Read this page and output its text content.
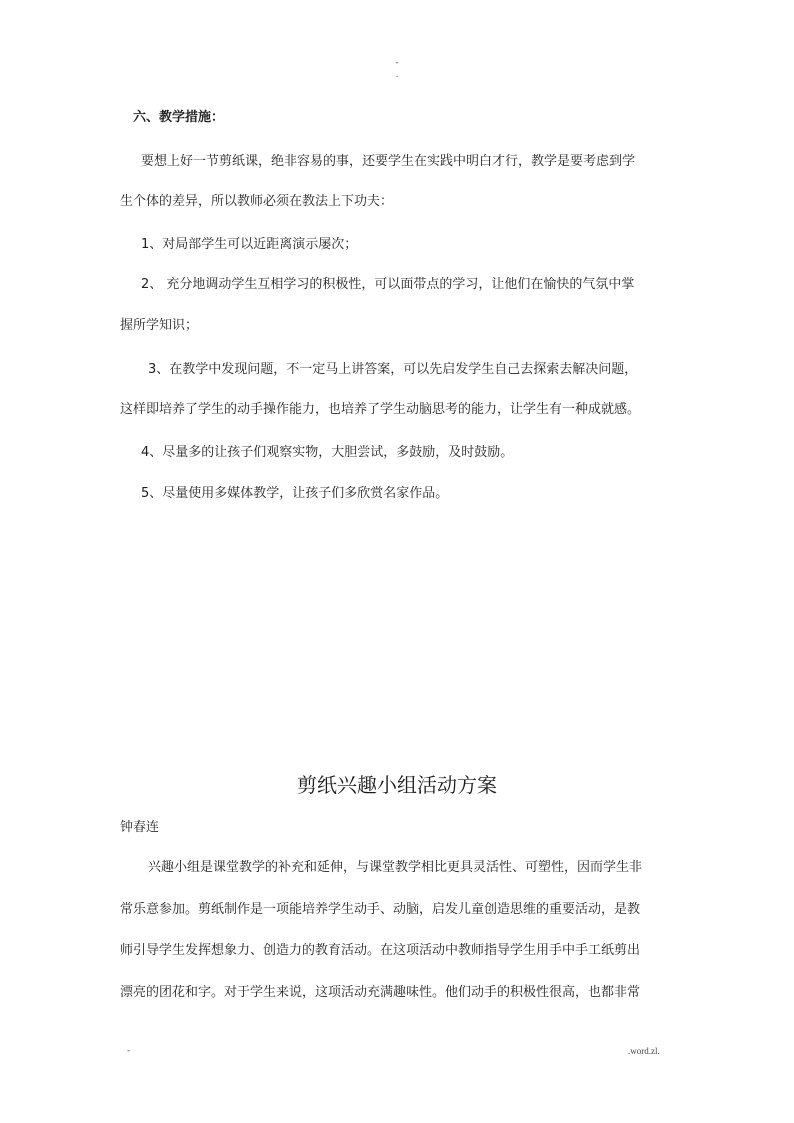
-
.
六、教学措施：
要想上好一节剪纸课，绝非容易的事，还要学生在实践中明白才行，教学是要考虑到学
生个体的差异，所以教师必须在教法上下功夫：
1、对局部学生可以近距离演示屡次；
2、 充分地调动学生互相学习的积极性，可以面带点的学习，让他们在愉快的气氛中掌
握所学知识；
3、在教学中发现问题，不一定马上讲答案，可以先启发学生自己去探索去解决问题，
这样即培养了学生的动手操作能力，也培养了学生动脑思考的能力，让学生有一种成就感。
4、尽量多的让孩子们观察实物，大胆尝试，多鼓励，及时鼓励。
5、尽量使用多媒体教学，让孩子们多欣赏名家作品。
剪纸兴趣小组活动方案
钟春连
兴趣小组是课堂教学的补充和延伸，与课堂教学相比更具灵活性、可塑性，因而学生非
常乐意参加。剪纸制作是一项能培养学生动手、动脑，启发儿童创造思维的重要活动，是教
师引导学生发挥想象力、创造力的教育活动。在这项活动中教师指导学生用手中手工纸剪出
漂亮的团花和字。对于学生来说，这项活动充满趣味性。他们动手的积极性很高，也都非常
-	.word.zl.
